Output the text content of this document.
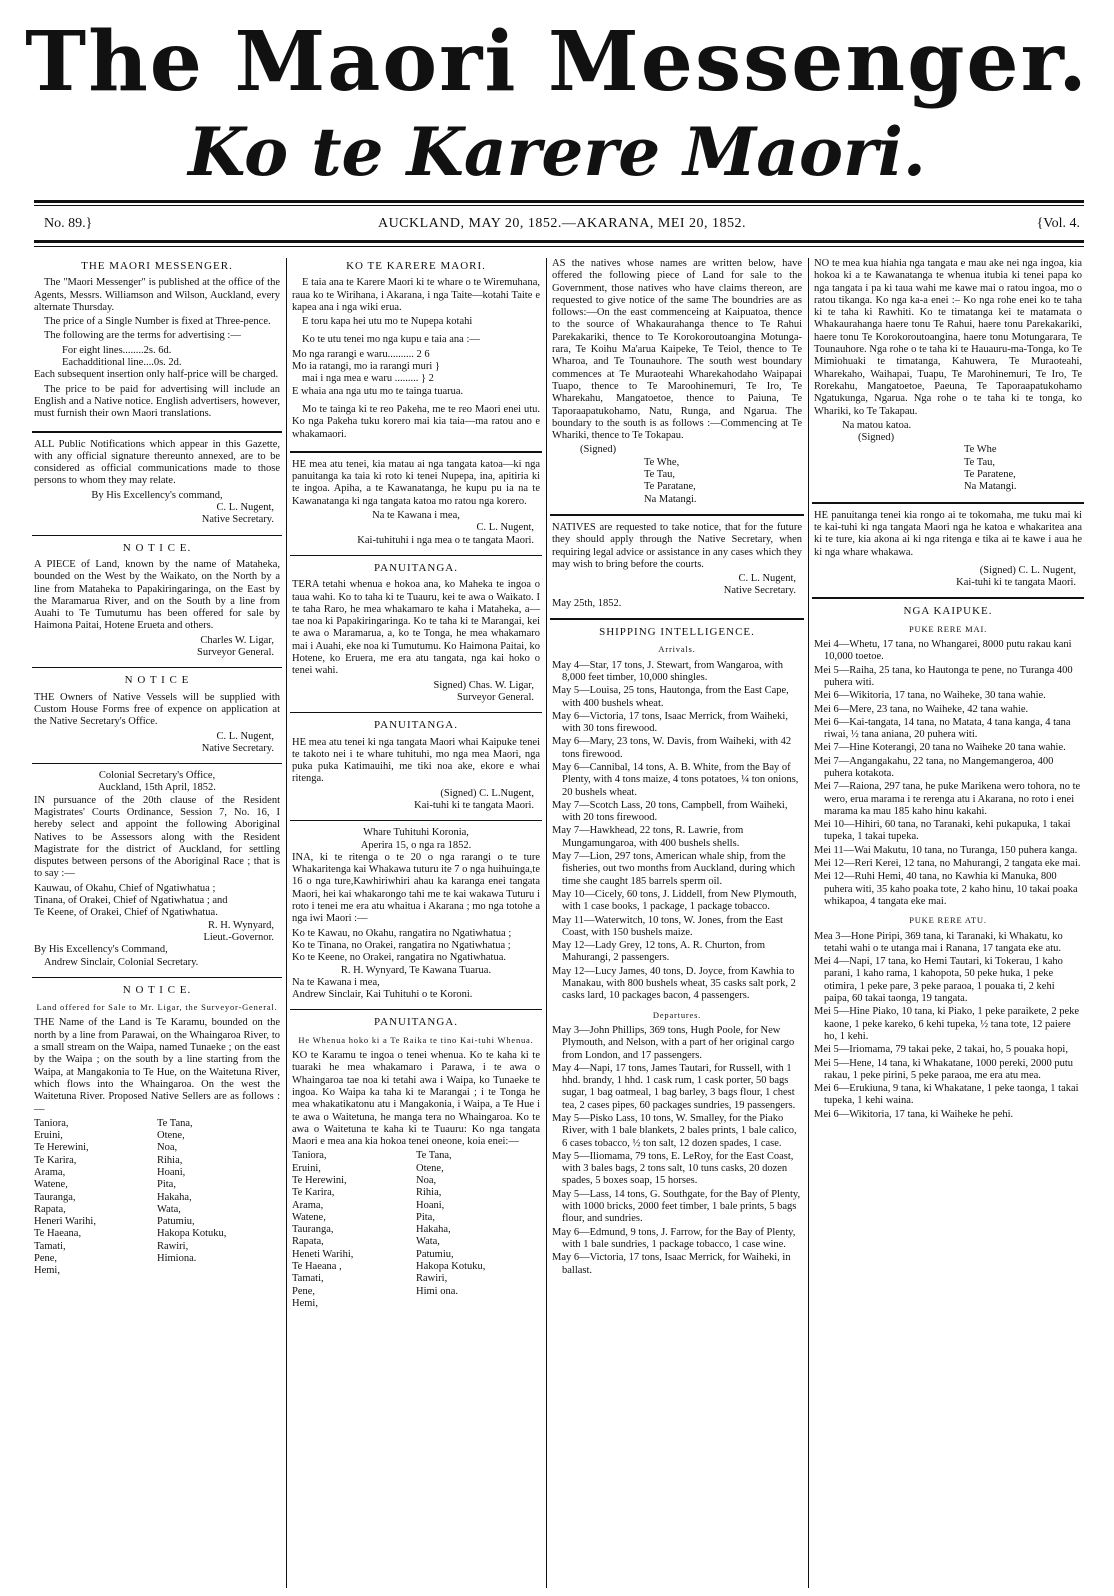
The Maori Messenger.
Ko te Karere Maori.
No. 89.}	AUCKLAND, MAY 20, 1852.—AKARANA, MEI 20, 1852.	{Vol. 4.
THE MAORI MESSENGER.
The "Maori Messenger" is published at the office of the Agents, Messrs. Williamson and Wilson, Auckland, every alternate Thursday.
The price of a Single Number is fixed at Three-pence.
The following are the terms for advertising :—
For eight lines........2s. 6d.
Eachadditional line....0s. 2d.
Each subsequent insertion only half-price will be charged.
The price to be paid for advertising will include an English and a Native notice. English advertisers, however, must furnish their own Maori translations.
ALL Public Notifications which appear in this Gazette, with any official signature thereunto annexed, are to be considered as official communications made to those persons to whom they may relate.
By His Excellency's command,
C. L. Nugent,
Native Secretary.
N O T I C E.
A PIECE of Land, known by the name of Mataheka, bounded on the West by the Waikato, on the North by a line from Mataheka to Papakiringaringa, on the East by the Maramarua River, and on the South by a line from Auahi to Te Tumutumu has been offered for sale by Haimona Paitai, Hotene Erueta and others.
Charles W. Ligar,
Surveyor General.
N O T I C E
THE Owners of Native Vessels will be supplied with Custom House Forms free of expence on application at the Native Secretary's Office.
C. L. Nugent,
Native Secretary.
Colonial Secretary's Office,
Auckland, 15th April, 1852.
IN pursuance of the 20th clause of the Resident Magistrates' Courts Ordinance, Session 7, No. 16, I hereby select and appoint the following Aboriginal Natives to be Assessors along with the Resident Magistrate for the district of Auckland, for settling disputes between persons of the Aboriginal Race ; that is to say :—
Kauwau, of Okahu, Chief of Ngatiwhatua ;
Tinana, of Orakei, Chief of Ngatiwhatua ; and
Te Keene, of Orakei, Chief of Ngatiwhatua.
R. H. Wynyard,
Lieut.-Governor.
By His Excellency's Command,
Andrew Sinclair, Colonial Secretary.
N O T I C E.
Land offered for Sale to Mr. Ligar, the Surveyor-General.
THE Name of the Land is Te Karamu, bounded on the north by a line from Parawai, on the Whaingaroa River, to a small stream on the Waipa, named Tunaeke ; on the east by the Waipa ; on the south by a line starting from the Waipa, at Mangakonia to Te Hue, on the Waitetuna River, which flows into the Whaingaroa. On the west the Waitetuna River. Proposed Native Sellers are as follows :—
Taniora,
Eruini,
Te Herewini,
Te Karira,
Arama,
Watene,
Tauranga,
Rapata,
Heneri Warihi,
Te Haeana,
Tamati,
Pene,
Hemi,
Te Tana,
Otene,
Noa,
Rihia,
Hoani,
Pita,
Hakaha,
Wata,
Patumiu,
Hakopa Kotuku,
Rawiri,
Himiona.
KO TE KARERE MAORI.
E taia ana te Karere Maori ki te whare o te Wiremuhana, raua ko te Wirihana, i Akarana, i nga Taite—kotahi Taite e kapea ana i nga wiki erua.
E toru kapa hei utu mo te Nupepa kotahi
Ko te utu tenei mo nga kupu e taia ana :—
Mo nga rarangi e waru.......... 2 6
Mo ia ratangi, mo ia rarangi muri }
mai i nga mea e waru ......... } 2
E whaia ana nga utu mo te tainga tuarua.
Mo te tainga ki te reo Pakeha, me te reo Maori enei utu. Ko nga Pakeha tuku korero mai kia taia—ma ratou ano e whakamaori.
HE mea atu tenei, kia matau ai nga tangata katoa—ki nga panuitanga ka taia ki roto ki tenei Nupepa, ina, apitiria ki te ingoa. Apiha, a te Kawanatanga, he kupu pu ia na te Kawanatanga ki nga tangata katoa mo ratou nga korero.
Na te Kawana i mea,
C. L. Nugent,
Kai-tuhituhi i nga mea o te tangata Maori.
PANUITANGA.
TERA tetahi whenua e hokoa ana, ko Maheka te ingoa o taua wahi. Ko to taha ki te Tuauru, kei te awa o Waikato. I te taha Raro, he mea whakamaro te kaha i Mataheka, a—tae noa ki Papakiringaringa. Ko te taha ki te Marangai, kei te awa o Maramarua, a, ko te Tonga, he mea whakamaro mai i Auahi, eke noa ki Tumutumu. Ko Haimona Paitai, ko Hotene, ko Eruera, me era atu tangata, nga kai hoko o tenei wahi.
Signed) Chas. W. Ligar,
Surveyor General.
PANUITANGA.
HE mea atu tenei ki nga tangata Maori whai Kaipuke tenei te takoto nei i te whare tuhituhi, mo nga mea Maori, nga puka puka Katimauihi, me tiki noa ake, ekore e whai ritenga.
(Signed) C. L.Nugent,
Kai-tuhi ki te tangata Maori.
Whare Tuhituhi Koronia,
Aperira 15, o nga ra 1852.
INA, ki te ritenga o te 20 o nga rarangi o te ture Whakaritenga kai Whakawa tuturu ite 7 o nga huihuinga,te 16 o nga ture,Kawhiriwhiri ahau ka karanga enei tangata Maori, hei kai whakarongo tahi me te kai wakawa Tuturu i roto i tenei me era atu whaitua i Akarana ; mo nga totohe a nga iwi Maori :—
Ko te Kawau, no Okahu, rangatira no Ngatiwhatua ;
Ko te Tinana, no Orakei, rangatira no Ngatiwhatua ;
Ko te Keene, no Orakei, rangatira no Ngatiwhatua.
R. H. Wynyard, Te Kawana Tuarua.
Na te Kawana i mea,
Andrew Sinclair, Kai Tuhituhi o te Koroni.
PANUITANGA.
He Whenua hoko ki a Te Raika te tino Kai-tuhi Whenua.
KO te Karamu te ingoa o tenei whenua. Ko te kaha ki te tuaraki he mea whakamaro i Parawa, i te awa o Whaingaroa tae noa ki tetahi awa i Waipa, ko Tunaeke te ingoa. Ko Waipa ka taha ki te Marangai ; i te Tonga he mea whakatikatonu atu i Mangakonia, i Waipa, a Te Hue i te awa o Waitetuna, he manga tera no Whaingaroa. Ko te awa o Waitetuna te kaha ki te Tuauru: Ko nga tangata Maori e mea ana kia hokoa tenei oneone, koia enei:—
Taniora,
Eruini,
Te Herewini,
Te Karira,
Arama,
Watene,
Tauranga,
Rapata,
Heneti Warihi,
Te Haeana ,
Tamati,
Pene,
Hemi,
Te Tana,
Otene,
Noa,
Rihia,
Hoani,
Pita,
Hakaha,
Wata,
Patumiu,
Hakopa Kotuku,
Rawiri,
Himi ona.
AS the natives whose names are written below, have offered the following piece of Land for sale to the Government, those natives who have claims thereon, are requested to give notice of the same The boundries are as follows:—On the east commenceing at Kaipuatoa, thence to the source of Whakaurahanga thence to Te Rahui Parekakariki, thence to Te Korokoroutoangina Motunga-rara, Te Koihu Ma'arua Kaipeke, Te Teiol, thence to Te Wharoa, and Te Tounauhore. The south west boundary commences at Te Muraoteahi Wharekahodaho Waipapai Tuapo, thence to Te Maroohinemuri, Te Iro, Te Wharekahu, Mangatoetoe, thence to Paiuna, Te Taporaapatukohamo, Natu, Runga, and Ngarua. The boundary to the south is as follows :—Commencing at Te Whariki, thence to Te Tokapau.
(Signed)
Te Whe,
Te Tau,
Te Paratane,
Na Matangi.
NATIVES are requested to take notice, that for the future they should apply through the Native Secretary, when requiring legal advice or assistance in any cases which they may wish to bring before the courts.
C. L. Nugent,
Native Secretary.
May 25th, 1852.
SHIPPING INTELLIGENCE.
Arrivals.
May 4—Star, 17 tons, J. Stewart, from Wangaroa, with 8,000 feet timber, 10,000 shingles.
May 5—Louisa, 25 tons, Hautonga, from the East Cape, with 400 bushels wheat.
May 6—Victoria, 17 tons, Isaac Merrick, from Waiheki, with 30 tons firewood.
May 6—Mary, 23 tons, W. Davis, from Waiheki, with 42 tons firewood.
May 6—Cannibal, 14 tons, A. B. White, from the Bay of Plenty, with 4 tons maize, 4 tons potatoes, ¼ ton onions, 20 bushels wheat.
May 7—Scotch Lass, 20 tons, Campbell, from Waiheki, with 20 tons firewood.
May 7—Hawkhead, 22 tons, R. Lawrie, from Mungamungaroa, with 400 bushels shells.
May 7—Lion, 297 tons, American whale ship, from the fisheries, out two months from Auckland, during which time she caught 185 barrels sperm oil.
May 10—Cicely, 60 tons, J. Liddell, from New Plymouth, with 1 case books, 1 package, 1 package tobacco.
May 11—Waterwitch, 10 tons, W. Jones, from the East Coast, with 150 bushels maize.
May 12—Lady Grey, 12 tons, A. R. Churton, from Mahurangi, 2 passengers.
May 12—Lucy James, 40 tons, D. Joyce, from Kawhia to Manakau, with 800 bushels wheat, 35 casks salt pork, 2 casks lard, 10 packages bacon, 4 passengers.
Departures.
May 3—John Phillips, 369 tons, Hugh Poole, for New Plymouth, and Nelson, with a part of her original cargo from London, and 17 passengers.
May 4—Napi, 17 tons, James Tautari, for Russell, with 1 hhd. brandy, 1 hhd. 1 cask rum, 1 cask porter, 50 bags sugar, 1 bag oatmeal, 1 bag barley, 3 bags flour, 1 chest tea, 2 cases pipes, 60 packages sundries, 19 passengers.
May 5—Pisko Lass, 10 tons, W. Smalley, for the Piako River, with 1 bale blankets, 2 bales prints, 1 bale calico, 6 cases tobacco, ½ ton salt, 12 dozen spades, 1 case.
May 5—Iliomama, 79 tons, E. LeRoy, for the East Coast, with 3 bales bags, 2 tons salt, 10 tuns casks, 20 dozen spades, 5 boxes soap, 15 horses.
May 5—Lass, 14 tons, G. Southgate, for the Bay of Plenty, with 1000 bricks, 2000 feet timber, 1 bale prints, 5 bags flour, and sundries.
May 6—Edmund, 9 tons, J. Farrow, for the Bay of Plenty, with 1 bale sundries, 1 package tobacco, 1 case wine.
May 6—Victoria, 17 tons, Isaac Merrick, for Waiheki, in ballast.
NO te mea kua hiahia nga tangata e mau ake nei nga ingoa, kia hokoa ki a te Kawanatanga te whenua itubia ki tenei papa ko nga tangata i pa ki taua wahi me kawe mai o ratou ingoa, mo o ratou tikanga. Ko nga ka-a enei :– Ko nga rohe enei ko te taha ki te taha ki Rawhiti. Ko te timatanga kei te matamata o Whakaurahanga haere tonu Te Rahui, haere tonu Parekakariki, haere tonu Te Korokoroutoangina, haere tonu Motungarara, Te Tounauhore. Nga rohe o te taha ki te Hauauru-ma-Tonga, ko Te Mimiohuaki te timatanga, Kahuwera, Te Muraoteahi, Wharekaho, Waihapai, Tuapu, Te Marohinemuri, Te Iro, Te Rorekahu, Mangatoetoe, Paeuna, Te Taporaapatukohamo Ngatukunga, Ngarua. Nga rohe o te taha ki te tonga, ko Whariki, ko Te Takapau.
Na matou katoa.
(Signed)
Te Whe
Te Tau,
Te Paratene,
Na Matangi.
HE panuitanga tenei kia rongo ai te tokomaha, me tuku mai ki te kai-tuhi ki nga tangata Maori nga he katoa e whakaritea ana ki te ture, kia akona ai ki nga ritenga e tika ai te kawe i aua he ki nga whare whakawa.
(Signed) C. L. Nugent,
Kai-tuhi ki te tangata Maori.
NGA KAIPUKE.
PUKE RERE MAI.
Mei 4—Whetu, 17 tana, no Whangarei, 8000 putu rakau kani 10,000 toetoe.
Mei 5—Raiha, 25 tana, ko Hautonga te pene, no Turanga 400 puhera witi.
Mei 6—Wikitoria, 17 tana, no Waiheke, 30 tana wahie.
Mei 6—Mere, 23 tana, no Waiheke, 42 tana wahie.
Mei 6—Kai-tangata, 14 tana, no Matata, 4 tana kanga, 4 tana riwai, ½ tana aniana, 20 puhera witi.
Mei 7—Hine Koterangi, 20 tana no Waiheke 20 tana wahie.
Mei 7—Angangakahu, 22 tana, no Mangemangeroa, 400 puhera kotakota.
Mei 7—Raiona, 297 tana, he puke Marikena wero tohora, no te wero, erua marama i te rerenga atu i Akarana, no roto i enei marama ka mau 185 kaho hinu kakahi.
Mei 10—Hihiri, 60 tana, no Taranaki, kehi pukapuka, 1 takai tupeka, 1 takai tupeka.
Mei 11—Wai Makutu, 10 tana, no Turanga, 150 puhera kanga.
Mei 12—Reri Kerei, 12 tana, no Mahurangi, 2 tangata eke mai.
Mei 12—Ruhi Hemi, 40 tana, no Kawhia ki Manuka, 800 puhera witi, 35 kaho poaka tote, 2 kaho hinu, 10 takai poaka whikapoa, 4 tangata eke mai.
PUKE RERE ATU.
Mea 3—Hone Piripi, 369 tana, ki Taranaki, ki Whakatu, ko tetahi wahi o te utanga mai i Ranana, 17 tangata eke atu.
Mei 4—Napi, 17 tana, ko Hemi Tautari, ki Tokerau, 1 kaho parani, 1 kaho rama, 1 kahopota, 50 peke huka, 1 peke otimira, 1 peke pare, 3 peke paraoa, 1 pouaka ti, 2 kehi paipa, 60 takai taonga, 19 tangata.
Mei 5—Hine Piako, 10 tana, ki Piako, 1 peke paraikete, 2 peke kaone, 1 peke kareko, 6 kehi tupeka, ½ tana tote, 12 paiere ho, 1 kehi.
Mei 5—Iriomama, 79 takai peke, 2 takai, ho, 5 pouaka hopi,
Mei 5—Hene, 14 tana, ki Whakatane, 1000 pereki, 2000 putu rakau, 1 peke pirini, 5 peke paraoa, me era atu mea.
Mei 6—Erukiuna, 9 tana, ki Whakatane, 1 peke taonga, 1 takai tupeka, 1 kehi waina.
Mei 6—Wikitoria, 17 tana, ki Waiheke he pehi.
